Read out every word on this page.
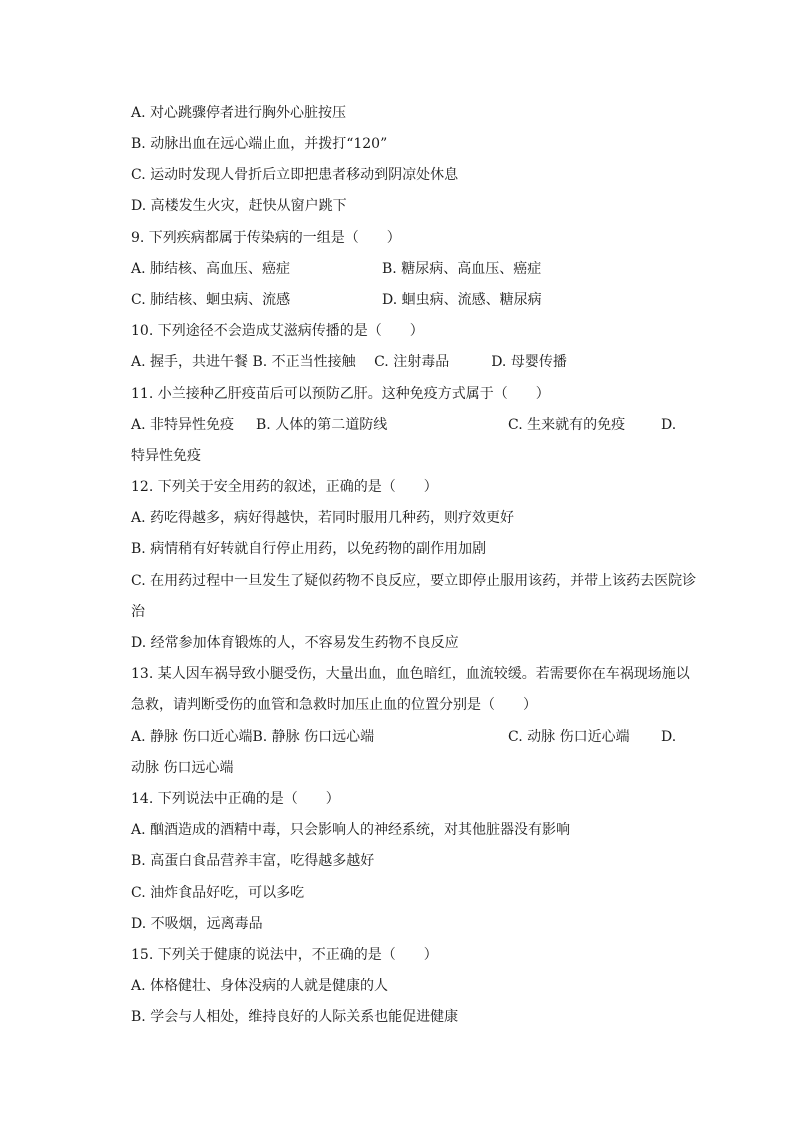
A. 对心跳骤停者进行胸外心脏按压
B. 动脉出血在远心端止血，并拨打“120”
C. 运动时发现人骨折后立即把患者移动到阴凉处休息
D. 高楼发生火灾，赶快从窗户跳下
9. 下列疾病都属于传染病的一组是（　　）
A. 肺结核、高血压、癌症	B. 糖尿病、高血压、癌症
C. 肺结核、蛔虫病、流感	D. 蛔虫病、流感、糖尿病
10. 下列途径不会造成艾滋病传播的是（　　）
A. 握手，共进午餐 B. 不正当性接触　 C. 注射毒品　　　D. 母婴传播
11. 小兰接种乙肝疫苗后可以预防乙肝。这种免疫方式属于（　　）
A. 非特异性免疫 B. 人体的第二道防线	C. 生来就有的免疫	D.
特异性免疫
12. 下列关于安全用药的叙述，正确的是（　　）
A. 药吃得越多，病好得越快，若同时服用几种药，则疗效更好
B. 病情稍有好转就自行停止用药，以免药物的副作用加剧
C. 在用药过程中一旦发生了疑似药物不良反应，要立即停止服用该药，并带上该药去医院诊
治
D. 经常参加体育锻炼的人，不容易发生药物不良反应
13. 某人因车祸导致小腿受伤，大量出血，血色暗红，血流较缓。若需要你在车祸现场施以
急救，请判断受伤的血管和急救时加压止血的位置分别是（　　）
A. 静脉 伤口近心端B. 静脉 伤口远心端	C. 动脉 伤口近心端 D.
动脉 伤口远心端
14. 下列说法中正确的是（　　）
A. 酗酒造成的酒精中毒，只会影响人的神经系统，对其他脏器没有影响
B. 高蛋白食品营养丰富，吃得越多越好
C. 油炸食品好吃，可以多吃
D. 不吸烟，远离毒品
15. 下列关于健康的说法中，不正确的是（　　）
A. 体格健壮、身体没病的人就是健康的人
B. 学会与人相处，维持良好的人际关系也能促进健康
